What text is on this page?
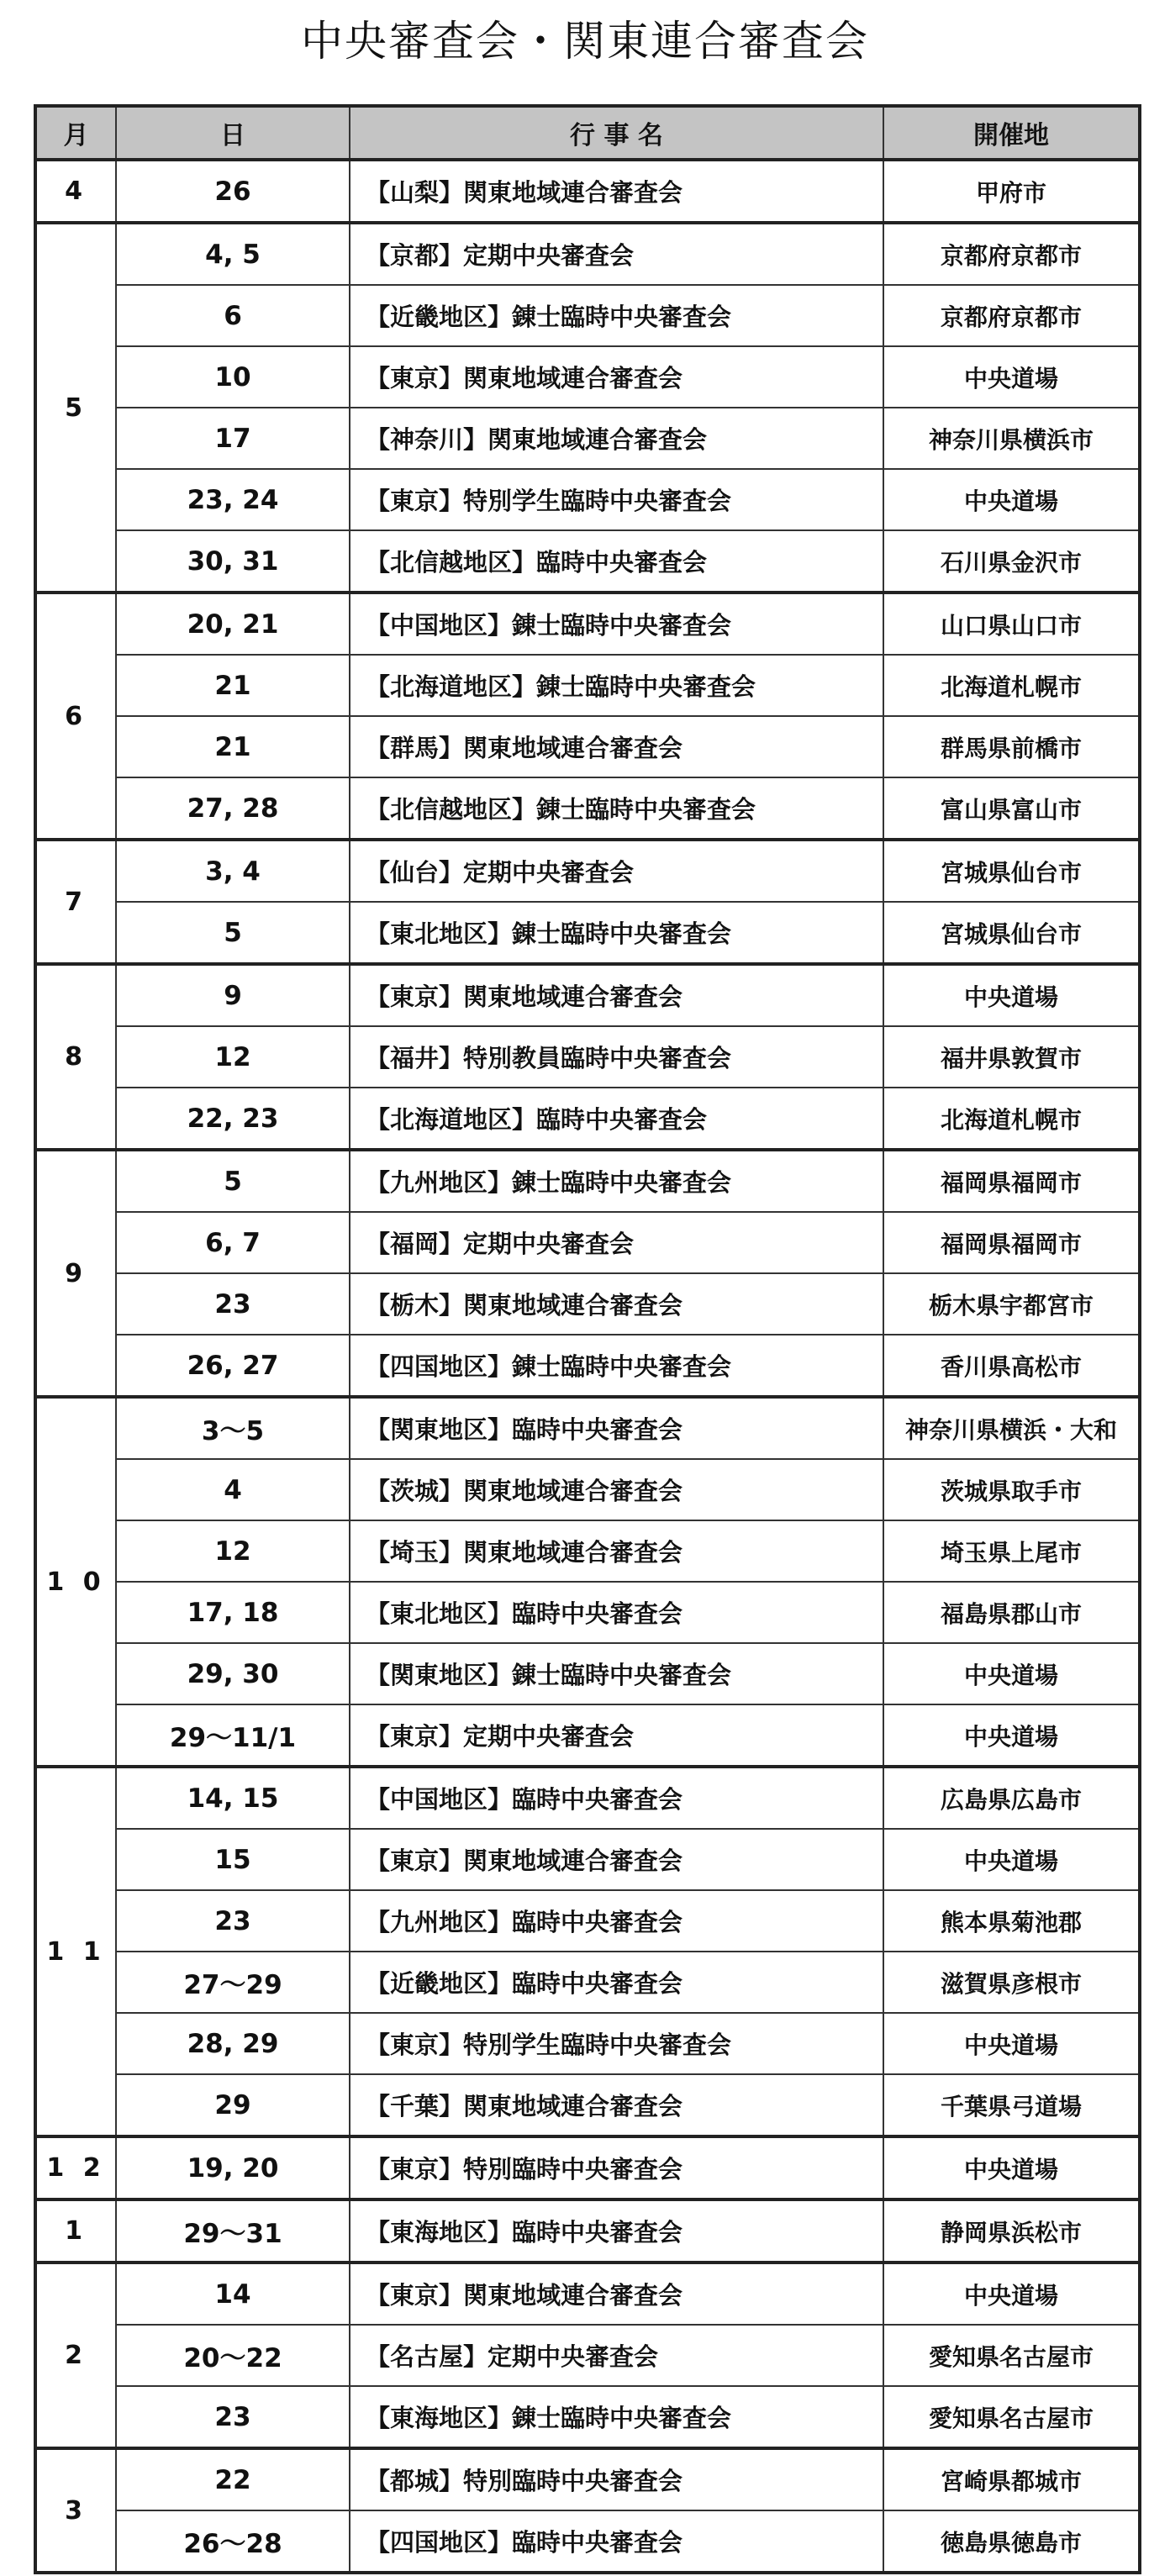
中央審査会・関東連合審査会
月	日	行 事 名	開催地
4	26	【山梨】関東地域連合審査会	甲府市
5	4, 5	【京都】定期中央審査会	京都府京都市
	6	【近畿地区】錬士臨時中央審査会	京都府京都市
	10	【東京】関東地域連合審査会	中央道場
	17	【神奈川】関東地域連合審査会	神奈川県横浜市
	23, 24	【東京】特別学生臨時中央審査会	中央道場
	30, 31	【北信越地区】臨時中央審査会	石川県金沢市
6	20, 21	【中国地区】錬士臨時中央審査会	山口県山口市
	21	【北海道地区】錬士臨時中央審査会	北海道札幌市
	21	【群馬】関東地域連合審査会	群馬県前橋市
	27, 28	【北信越地区】錬士臨時中央審査会	富山県富山市
7	3, 4	【仙台】定期中央審査会	宮城県仙台市
	5	【東北地区】錬士臨時中央審査会	宮城県仙台市
8	9	【東京】関東地域連合審査会	中央道場
	12	【福井】特別教員臨時中央審査会	福井県敦賀市
	22, 23	【北海道地区】臨時中央審査会	北海道札幌市
9	5	【九州地区】錬士臨時中央審査会	福岡県福岡市
	6, 7	【福岡】定期中央審査会	福岡県福岡市
	23	【栃木】関東地域連合審査会	栃木県宇都宮市
	26, 27	【四国地区】錬士臨時中央審査会	香川県高松市
1 0	3〜5	【関東地区】臨時中央審査会	神奈川県横浜・大和
	4	【茨城】関東地域連合審査会	茨城県取手市
	12	【埼玉】関東地域連合審査会	埼玉県上尾市
	17, 18	【東北地区】臨時中央審査会	福島県郡山市
	29, 30	【関東地区】錬士臨時中央審査会	中央道場
	29〜11/1	【東京】定期中央審査会	中央道場
1 1	14, 15	【中国地区】臨時中央審査会	広島県広島市
	15	【東京】関東地域連合審査会	中央道場
	23	【九州地区】臨時中央審査会	熊本県菊池郡
	27〜29	【近畿地区】臨時中央審査会	滋賀県彦根市
	28, 29	【東京】特別学生臨時中央審査会	中央道場
	29	【千葉】関東地域連合審査会	千葉県弓道場
1 2	19, 20	【東京】特別臨時中央審査会	中央道場
1	29〜31	【東海地区】臨時中央審査会	静岡県浜松市
2	14	【東京】関東地域連合審査会	中央道場
	20〜22	【名古屋】定期中央審査会	愛知県名古屋市
	23	【東海地区】錬士臨時中央審査会	愛知県名古屋市
3	22	【都城】特別臨時中央審査会	宮崎県都城市
	26〜28	【四国地区】臨時中央審査会	徳島県徳島市
